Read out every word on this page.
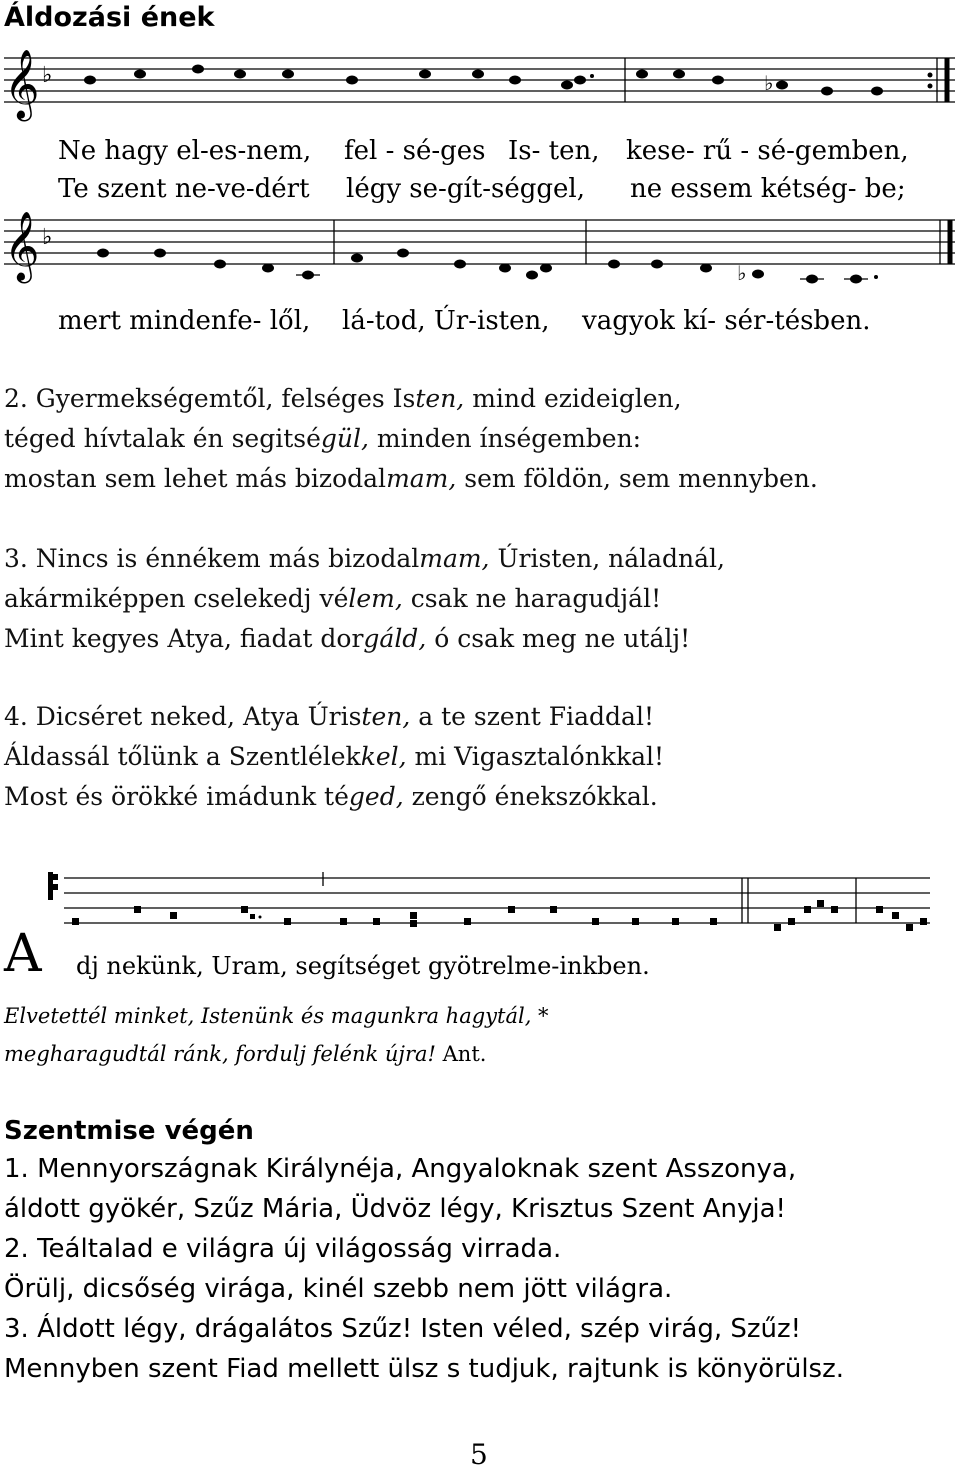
Áldozási ének
𝄞 ♭	♭
Ne hagy el-es-nem, fel - sé-ges Is- ten, kese- rű - sé-gemben,
Te szent ne-ve-dért légy se-gít-séggel, ne essem kétség- be;
𝄞 ♭
♭
mert mindenfe- lől, lá-tod, Úr-isten, vagyok kí- sér-tésben.
2. Gyermekségemtől, felséges Isten, mind ezideiglen,
téged hívtalak én segitségül, minden ínségemben:
mostan sem lehet más bizodalmam, sem földön, sem mennyben.
3. Nincs is énnékem más bizodalmam, Úristen, náladnál,
akármiképpen cselekedj vélem, csak ne haragudjál!
Mint kegyes Atya, fiadat dorgáld, ó csak meg ne utálj!
4. Dicséret neked, Atya Úristen, a te szent Fiaddal!
Áldassál tőlünk a Szentlélekkel, mi Vigasztalónkkal!
Most és örökké imádunk téged, zengő énekszókkal.
A dj nekünk, Uram, segítséget gyötrelme-inkben.
Elvetettél minket, Istenünk és magunkra hagytál, *
megharagudtál ránk, fordulj felénk újra! Ant.
Szentmise végén
1. Mennyországnak Királynéja, Angyaloknak szent Asszonya,
áldott gyökér, Szűz Mária, Üdvöz légy, Krisztus Szent Anyja!
2. Teáltalad e világra új világosság virrada.
Örülj, dicsőség virága, kinél szebb nem jött világra.
3. Áldott légy, drágalátos Szűz! Isten véled, szép virág, Szűz!
Mennyben szent Fiad mellett ülsz s tudjuk, rajtunk is könyörülsz.
5
